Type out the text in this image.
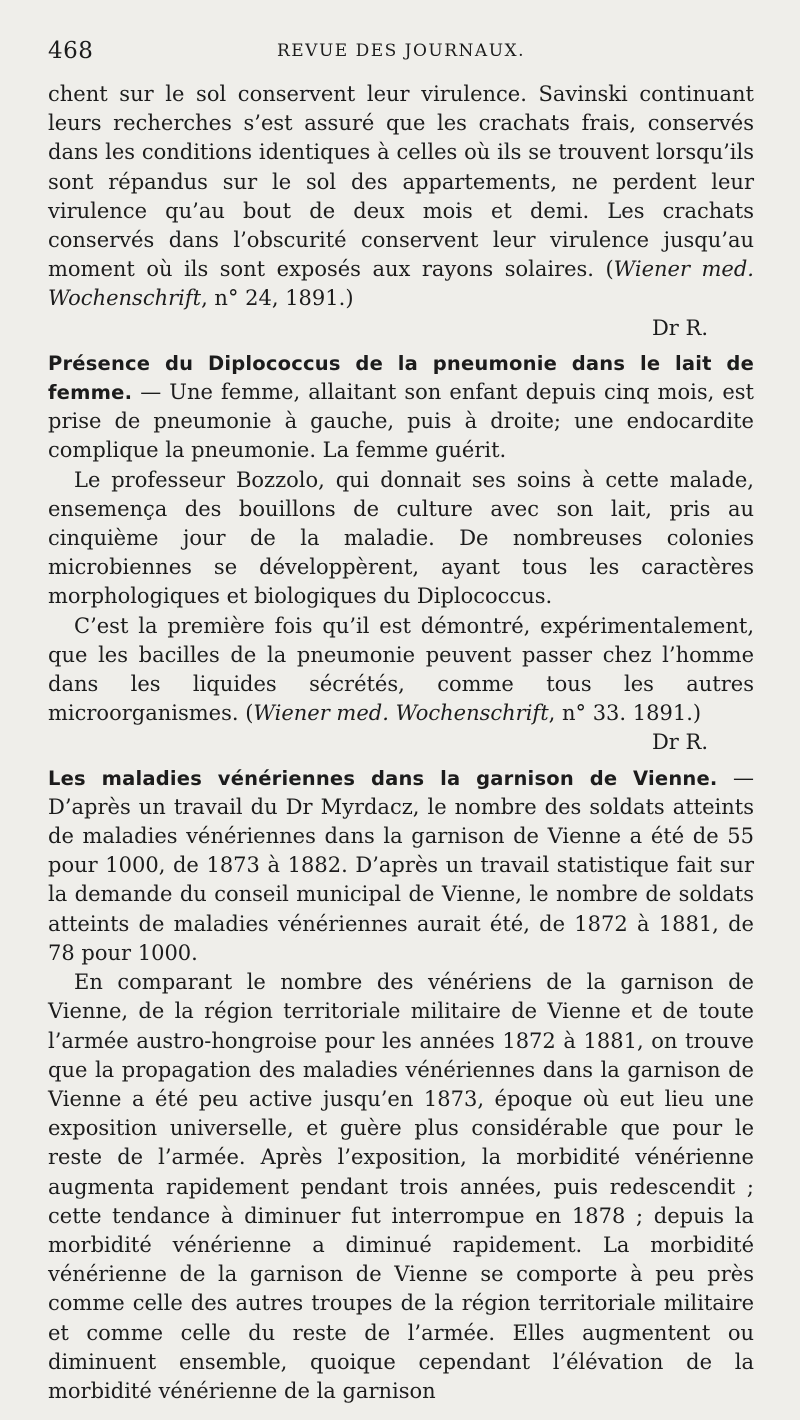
468	REVUE DES JOURNAUX.

chent sur le sol conservent leur virulence. Savinski continuant leurs recherches s’est assuré que les crachats frais, conservés dans les conditions identiques à celles où ils se trouvent lorsqu’ils sont répandus sur le sol des appartements, ne perdent leur virulence qu’au bout de deux mois et demi. Les crachats conservés dans l’obscurité conservent leur virulence jusqu’au moment où ils sont exposés aux rayons solaires. (Wiener med. Wochenschrift, n° 24, 1891.)
Dr R.

Présence du Diplococcus de la pneumonie dans le lait de femme. — Une femme, allaitant son enfant depuis cinq mois, est prise de pneumonie à gauche, puis à droite; une endocardite complique la pneumonie. La femme guérit.

Le professeur Bozzolo, qui donnait ses soins à cette malade, ensemença des bouillons de culture avec son lait, pris au cinquième jour de la maladie. De nombreuses colonies microbiennes se développèrent, ayant tous les caractères morphologiques et biologiques du Diplococcus.

C’est la première fois qu’il est démontré, expérimentalement, que les bacilles de la pneumonie peuvent passer chez l’homme dans les liquides sécrétés, comme tous les autres microorganismes. (Wiener med. Wochenschrift, n° 33. 1891.)
Dr R.

Les maladies vénériennes dans la garnison de Vienne. — D’après un travail du Dr Myrdacz, le nombre des soldats atteints de maladies vénériennes dans la garnison de Vienne a été de 55 pour 1000, de 1873 à 1882. D’après un travail statistique fait sur la demande du conseil municipal de Vienne, le nombre de soldats atteints de maladies vénériennes aurait été, de 1872 à 1881, de 78 pour 1000.

En comparant le nombre des vénériens de la garnison de Vienne, de la région territoriale militaire de Vienne et de toute l’armée austro-hongroise pour les années 1872 à 1881, on trouve que la propagation des maladies vénériennes dans la garnison de Vienne a été peu active jusqu’en 1873, époque où eut lieu une exposition universelle, et guère plus considérable que pour le reste de l’armée. Après l’exposition, la morbidité vénérienne augmenta rapidement pendant trois années, puis redescendit ; cette tendance à diminuer fut interrompue en 1878 ; depuis la morbidité vénérienne a diminué rapidement. La morbidité vénérienne de la garnison de Vienne se comporte à peu près comme celle des autres troupes de la région territoriale militaire et comme celle du reste de l’armée. Elles augmentent ou diminuent ensemble, quoique cependant l’élévation de la morbidité vénérienne de la garnison
